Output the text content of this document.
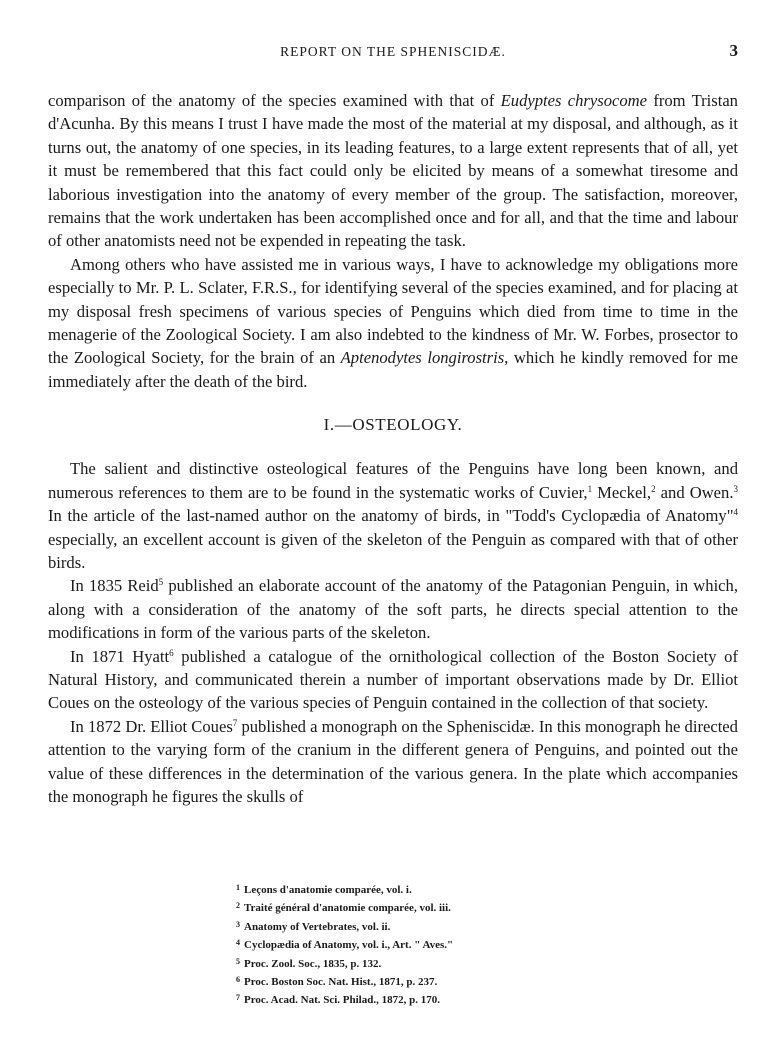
REPORT ON THE SPHENISCIDÆ.	3

comparison of the anatomy of the species examined with that of Eudyptes chrysocome from Tristan d'Acunha. By this means I trust I have made the most of the material at my disposal, and although, as it turns out, the anatomy of one species, in its leading features, to a large extent represents that of all, yet it must be remembered that this fact could only be elicited by means of a somewhat tiresome and laborious investigation into the anatomy of every member of the group. The satisfaction, moreover, remains that the work undertaken has been accomplished once and for all, and that the time and labour of other anatomists need not be expended in repeating the task.

Among others who have assisted me in various ways, I have to acknowledge my obligations more especially to Mr. P. L. Sclater, F.R.S., for identifying several of the species examined, and for placing at my disposal fresh specimens of various species of Penguins which died from time to time in the menagerie of the Zoological Society. I am also indebted to the kindness of Mr. W. Forbes, prosector to the Zoological Society, for the brain of an Aptenodytes longirostris, which he kindly removed for me immediately after the death of the bird.

I.—OSTEOLOGY.

The salient and distinctive osteological features of the Penguins have long been known, and numerous references to them are to be found in the systematic works of Cuvier,$^1$ Meckel,$^2$ and Owen.$^3$ In the article of the last-named author on the anatomy of birds, in "Todd's Cyclopædia of Anatomy"$^4$ especially, an excellent account is given of the skeleton of the Penguin as compared with that of other birds.

In 1835 Reid$^5$ published an elaborate account of the anatomy of the Patagonian Penguin, in which, along with a consideration of the anatomy of the soft parts, he directs special attention to the modifications in form of the various parts of the skeleton.

In 1871 Hyatt$^6$ published a catalogue of the ornithological collection of the Boston Society of Natural History, and communicated therein a number of important observations made by Dr. Elliot Coues on the osteology of the various species of Penguin contained in the collection of that society.

In 1872 Dr. Elliot Coues$^7$ published a monograph on the Spheniscidæ. In this monograph he directed attention to the varying form of the cranium in the different genera of Penguins, and pointed out the value of these differences in the determination of the various genera. In the plate which accompanies the monograph he figures the skulls of

1 Leçons d'anatomie comparée, vol. i.
2 Traité général d'anatomie comparée, vol. iii.
3 Anatomy of Vertebrates, vol. ii.
4 Cyclopædia of Anatomy, vol. i., Art. " Aves."
5 Proc. Zool. Soc., 1835, p. 132.
6 Proc. Boston Soc. Nat. Hist., 1871, p. 237.
7 Proc. Acad. Nat. Sci. Philad., 1872, p. 170.
